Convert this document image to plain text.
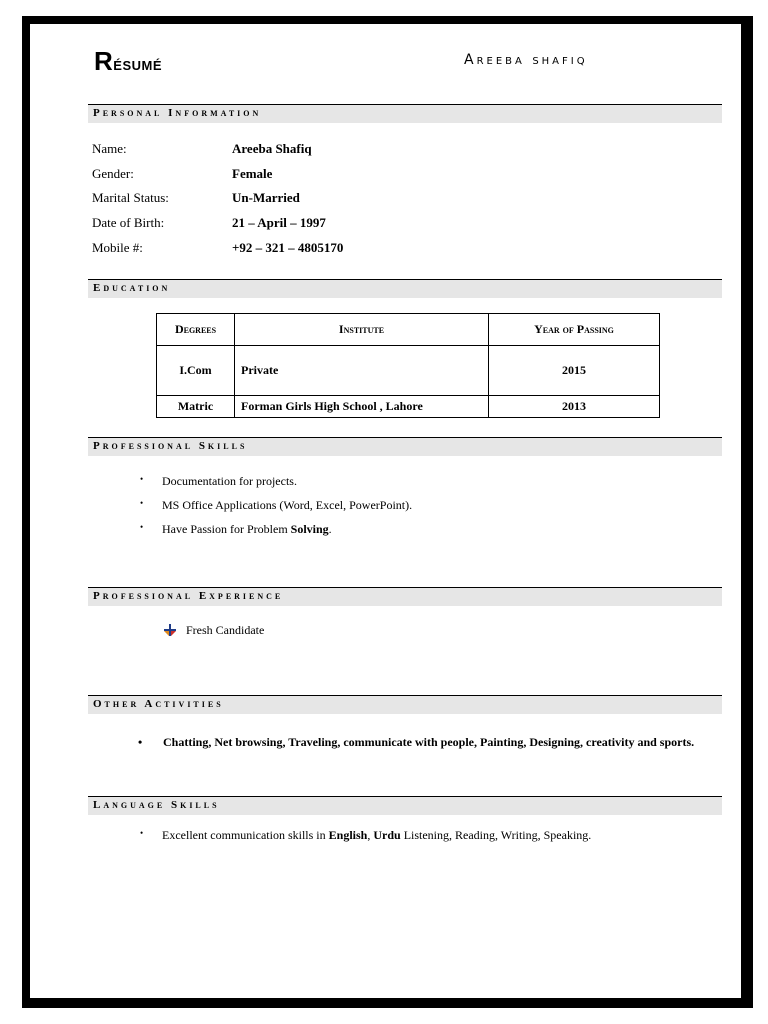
Résumé	Areeba shafiq
Personal Information
Name:	Areeba Shafiq
Gender:	Female
Marital Status:	Un-Married
Date of Birth:	21 – April – 1997
Mobile #:	+92 – 321 – 4805170
Education
Degrees	Institute	Year of Passing
I.Com	Private	2015
Matric	Forman Girls High School , Lahore	2013
Professional Skills
• Documentation for projects.
• MS Office Applications (Word, Excel, PowerPoint).
• Have Passion for Problem Solving.
Professional Experience
Fresh Candidate
Other Activities
• Chatting, Net browsing, Traveling, communicate with people, Painting, Designing, creativity and sports.
Language Skills
• Excellent communication skills in English, Urdu Listening, Reading, Writing, Speaking.
